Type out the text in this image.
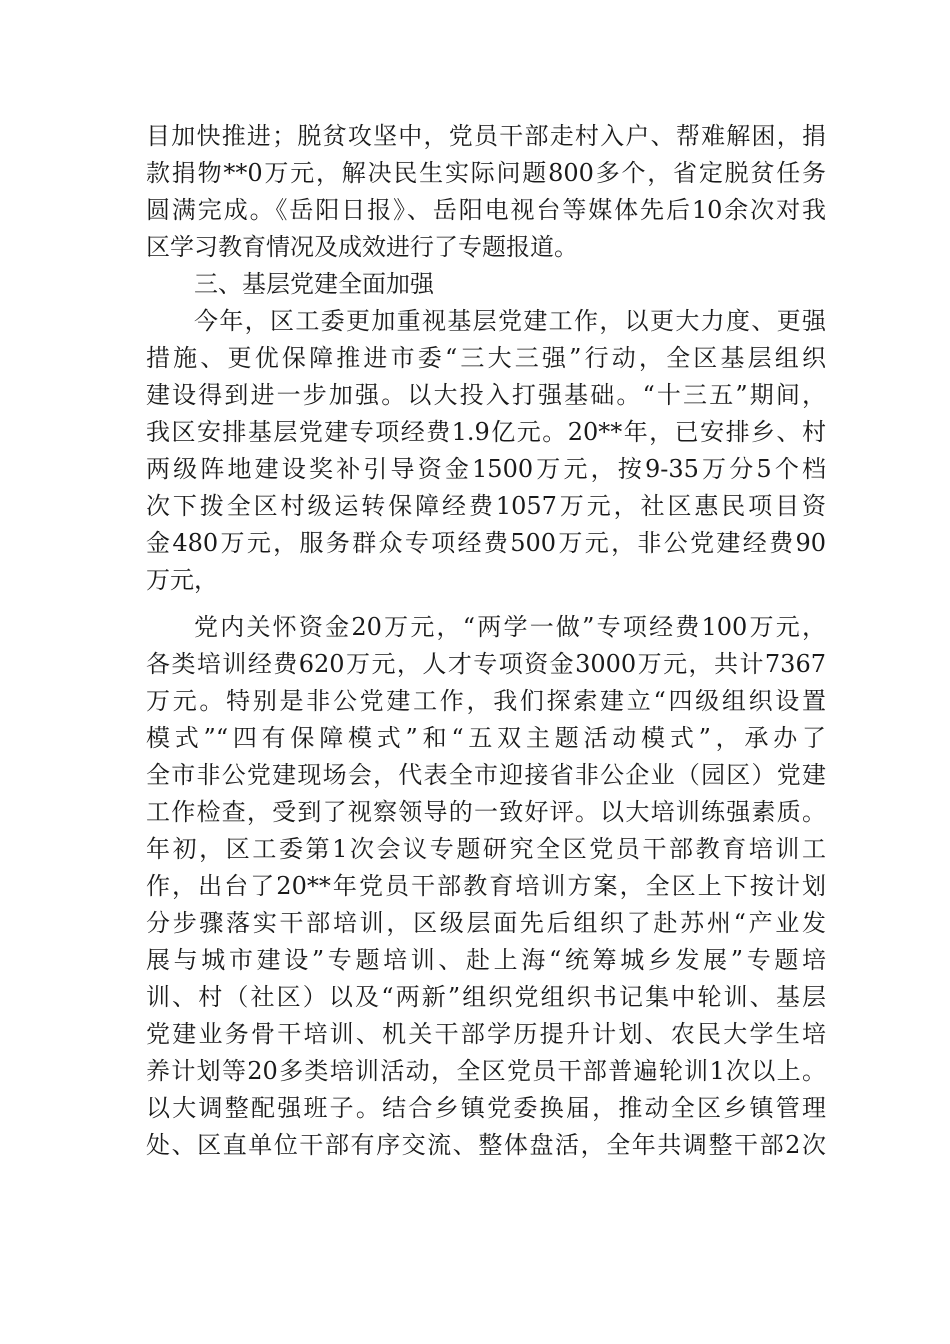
目加快推进；脱贫攻坚中，党员干部走村入户、帮难解困，捐
款捐物**0万元，解决民生实际问题800多个，省定脱贫任务
圆满完成。《岳阳日报》、岳阳电视台等媒体先后10余次对我
区学习教育情况及成效进行了专题报道。
三、基层党建全面加强
今年，区工委更加重视基层党建工作，以更大力度、更强
措施、更优保障推进市委“三大三强”行动，全区基层组织
建设得到进一步加强。以大投入打强基础。“十三五”期间，
我区安排基层党建专项经费1.9亿元。20**年，已安排乡、村
两级阵地建设奖补引导资金1500万元，按9-35万分5个档
次下拨全区村级运转保障经费1057万元，社区惠民项目资
金480万元，服务群众专项经费500万元，非公党建经费90
万元，
党内关怀资金20万元，“两学一做”专项经费100万元，
各类培训经费620万元，人才专项资金3000万元，共计7367
万元。特别是非公党建工作，我们探索建立“四级组织设置
模式”“四有保障模式”和“五双主题活动模式”，承办了
全市非公党建现场会，代表全市迎接省非公企业（园区）党建
工作检查，受到了视察领导的一致好评。以大培训练强素质。
年初，区工委第1次会议专题研究全区党员干部教育培训工
作，出台了20**年党员干部教育培训方案，全区上下按计划
分步骤落实干部培训，区级层面先后组织了赴苏州“产业发
展与城市建设”专题培训、赴上海“统筹城乡发展”专题培
训、村（社区）以及“两新”组织党组织书记集中轮训、基层
党建业务骨干培训、机关干部学历提升计划、农民大学生培
养计划等20多类培训活动，全区党员干部普遍轮训1次以上。
以大调整配强班子。结合乡镇党委换届，推动全区乡镇管理
处、区直单位干部有序交流、整体盘活，全年共调整干部2次
